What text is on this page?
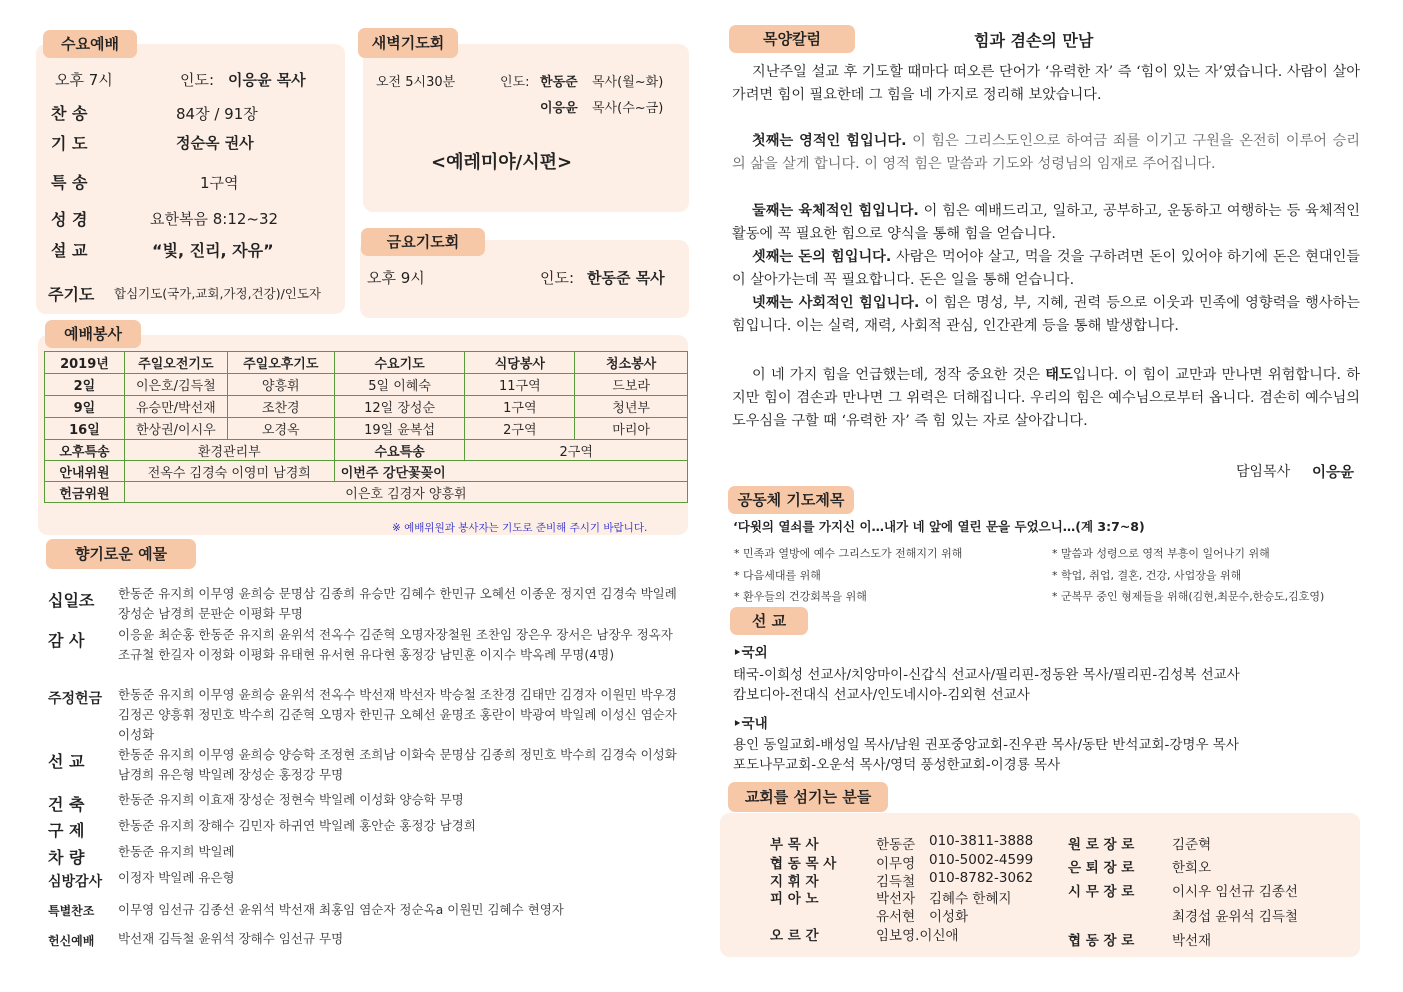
수요예배
오후 7시	인도: 이응윤 목사
찬 송	84장 / 91장
기 도	정순옥 권사
특 송	1구역
성 경	요한복음 8:12~32
설 교	“빛, 진리, 자유”
주기도 합심기도(국가,교회,가정,건강)/인도자
새벽기도회
오전 5시30분	인도: 한동준 목사(월~화)
이응윤 목사(수~금)
<예레미야/시편>
금요기도회
오후 9시	인도: 한동준 목사
예배봉사
2019년	주일오전기도	주일오후기도	수요기도	식당봉사	청소봉사
2일	이은호/김득철	양흥휘	5일 이혜숙	11구역	드보라
9일	유승만/박선재	조찬경	12일 장성순	1구역	청년부
16일	한상권/이시우	오경옥	19일 윤복섭	2구역	마리아
오후특송	환경관리부		수요특송	2구역	
안내위원	전옥수 김경숙 이영미 남경희		이번주 강단꽃꽂이		
헌금위원	이은호 김경자 양흥휘				
※ 예배위원과 봉사자는 기도로 준비해 주시기 바랍니다.
향기로운 예물
십일조	한동준 유지희 이무영 윤희승 문명삼 김종희 유승만 김혜수 한민규 오혜선 이종운 정지연 김경숙 박일례 장성순 남경희 문판순 이평화 무명
감 사	이응윤 최순홍 한동준 유지희 윤위석 전옥수 김준혁 오명자장철원 조찬임 장은우 장서은 남장우 정옥자 조규철 한길자 이정화 이평화 유태현 유서현 유다현 홍정강 남민훈 이지수 박옥례 무명(4명)
주정헌금	한동준 유지희 이무영 윤희승 윤위석 전옥수 박선재 박선자 박승철 조찬경 김태만 김경자 이원민 박우경 김정곤 양흥휘 정민호 박수희 김준혁 오명자 한민규 오혜선 윤명조 홍란이 박광여 박일례 이성신 염순자 이성화
선 교	한동준 유지희 이무영 윤희승 양승학 조정현 조희남 이화숙 문명삼 김종희 정민호 박수희 김경숙 이성화 남경희 유은형 박일례 장성순 홍정강 무명
건 축	한동준 유지희 이효재 장성순 정현숙 박일례 이성화 양승학 무명
구 제	한동준 유지희 장해수 김민자 하귀연 박일례 홍안순 홍정강 남경희
차 량	한동준 유지희 박일례
심방감사	이정자 박일례 유은형
특별찬조	이무영 임선규 김종선 윤위석 박선재 최홍임 염순자 정순옥a 이원민 김혜수 현영자
헌신예배	박선재 김득철 윤위석 장해수 임선규 무명
목양칼럼	힘과 겸손의 만남
지난주일 설교 후 기도할 때마다 떠오른 단어가 ‘유력한 자’ 즉 ‘힘이 있는 자’였습니다. 사람이 살아가려면 힘이 필요한데 그 힘을 네 가지로 정리해 보았습니다.
첫째는 영적인 힘입니다. 이 힘은 그리스도인으로 하여금 죄를 이기고 구원을 온전히 이루어 승리의 삶을 살게 합니다. 이 영적 힘은 말씀과 기도와 성령님의 임재로 주어집니다.
둘째는 육체적인 힘입니다. 이 힘은 예배드리고, 일하고, 공부하고, 운동하고 여행하는 등 육체적인 활동에 꼭 필요한 힘으로 양식을 통해 힘을 얻습니다.
셋째는 돈의 힘입니다. 사람은 먹어야 살고, 먹을 것을 구하려면 돈이 있어야 하기에 돈은 현대인들이 살아가는데 꼭 필요합니다. 돈은 일을 통해 얻습니다.
넷째는 사회적인 힘입니다. 이 힘은 명성, 부, 지혜, 권력 등으로 이웃과 민족에 영향력을 행사하는 힘입니다. 이는 실력, 재력, 사회적 관심, 인간관계 등을 통해 발생합니다.
이 네 가지 힘을 언급했는데, 정작 중요한 것은 태도입니다. 이 힘이 교만과 만나면 위험합니다. 하지만 힘이 겸손과 만나면 그 위력은 더해집니다. 우리의 힘은 예수님으로부터 옵니다. 겸손히 예수님의 도우심을 구할 때 ‘유력한 자’ 즉 힘 있는 자로 살아갑니다.
담임목사 이응윤
공동체 기도제목
‘다윗의 열쇠를 가지신 이…내가 네 앞에 열린 문을 두었으니…(계 3:7~8)
* 민족과 열방에 예수 그리스도가 전해지기 위해	* 말씀과 성령으로 영적 부흥이 일어나기 위해
* 다음세대를 위해	* 학업, 취업, 결혼, 건강, 사업장을 위해
* 환우들의 건강회복을 위해	* 군복무 중인 형제들을 위해(김현,최문수,한승도,김호영)
선 교
‣국외
태국-이희성 선교사/치앙마이-신갑식 선교사/필리핀-정동완 목사/필리핀-김성복 선교사
캄보디아-전대식 선교사/인도네시아-김외현 선교사
‣국내
용인 동일교회-배성일 목사/남원 권포중앙교회-진우관 목사/동탄 반석교회-강명우 목사
포도나무교회-오운석 목사/영덕 풍성한교회-이경룡 목사
교회를 섬기는 분들
부 목 사	한동준 010-3811-3888
협 동 목 사	이무영 010-5002-4599
지 휘 자	김득철 010-8782-3062
피 아 노	박선자 김혜수 한혜지
유서현 이성화
오 르 간	임보영.이신애
원 로 장 로	김준혁
은 퇴 장 로	한희오
시 무 장 로	이시우 임선규 김종선
최경섭 윤위석 김득철
협 동 장 로	박선재
